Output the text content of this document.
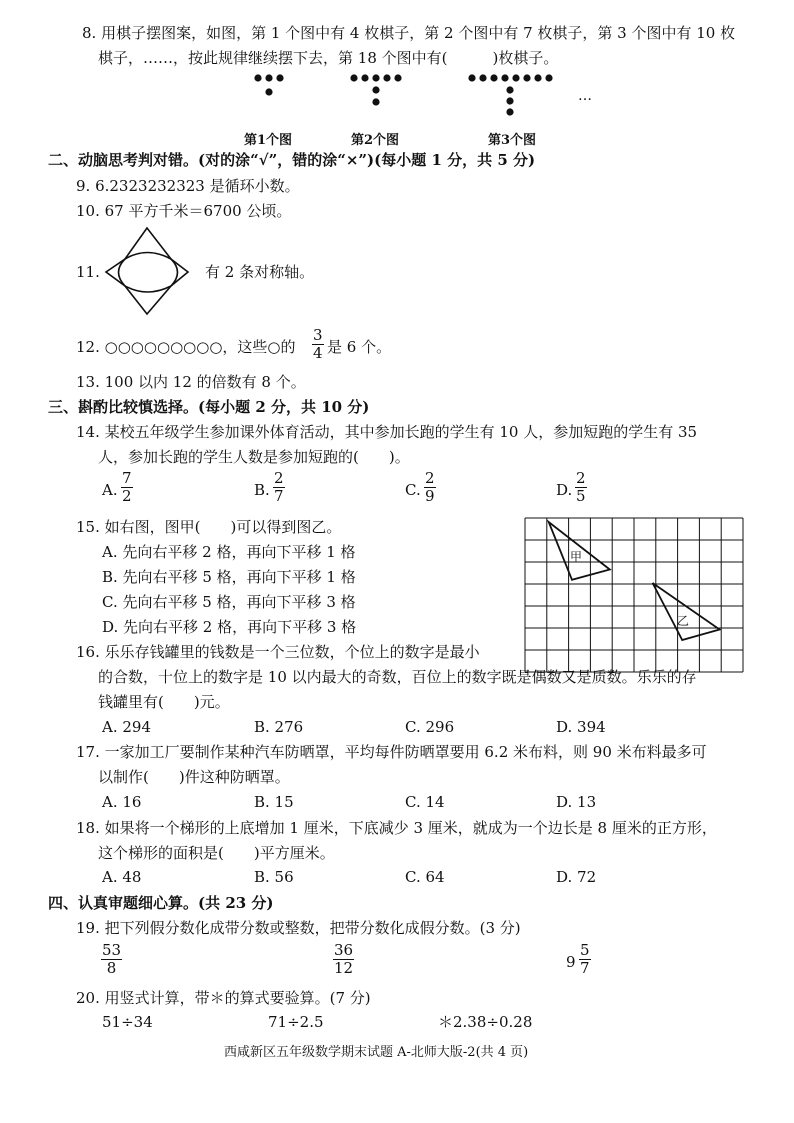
8. 用棋子摆图案，如图，第 1 个图中有 4 枚棋子，第 2 个图中有 7 枚棋子，第 3 个图中有 10 枚
棋子，……，按此规律继续摆下去，第 18 个图中有(　　　)枚棋子。
…
第1个图	第2个图	第3个图
二、动脑思考判对错。(对的涂“√”，错的涂“×”)(每小题 1 分，共 5 分)
9. 6.2323232323 是循环小数。
10. 67 平方千米＝6700 公顷。
11.	有 2 条对称轴。
12. ○○○○○○○○○，这些○的
3
4 是 6 个。
13. 100 以内 12 的倍数有 8 个。
三、斟酌比较慎选择。(每小题 2 分，共 10 分)
14. 某校五年级学生参加课外体育活动，其中参加长跑的学生有 10 人，参加短跑的学生有 35
人，参加长跑的学生人数是参加短跑的(　　)。
A.
7
2	B.
2
7	C.
2
9	D.
2
5
15. 如右图，图甲(　　)可以得到图乙。
A. 先向右平移 2 格，再向下平移 1 格
B. 先向右平移 5 格，再向下平移 1 格
C. 先向右平移 5 格，再向下平移 3 格
D. 先向右平移 2 格，再向下平移 3 格
甲
乙
16. 乐乐存钱罐里的钱数是一个三位数，个位上的数字是最小
的合数，十位上的数字是 10 以内最大的奇数，百位上的数字既是偶数又是质数。乐乐的存
钱罐里有(　　)元。
A. 294	B. 276	C. 296	D. 394
17. 一家加工厂要制作某种汽车防晒罩，平均每件防晒罩要用 6.2 米布料，则 90 米布料最多可
以制作(　　)件这种防晒罩。
A. 16	B. 15	C. 14	D. 13
18. 如果将一个梯形的上底增加 1 厘米，下底减少 3 厘米，就成为一个边长是 8 厘米的正方形，
这个梯形的面积是(　　)平方厘米。
A. 48	B. 56	C. 64	D. 72
四、认真审题细心算。(共 23 分)
19. 把下列假分数化成带分数或整数，把带分数化成假分数。(3 分)
53
8
36
12	9
5
7
20. 用竖式计算，带＊的算式要验算。(7 分)
51÷34	71÷2.5	＊2.38÷0.28
西咸新区五年级数学期末试题 A-北师大版-2(共 4 页)
